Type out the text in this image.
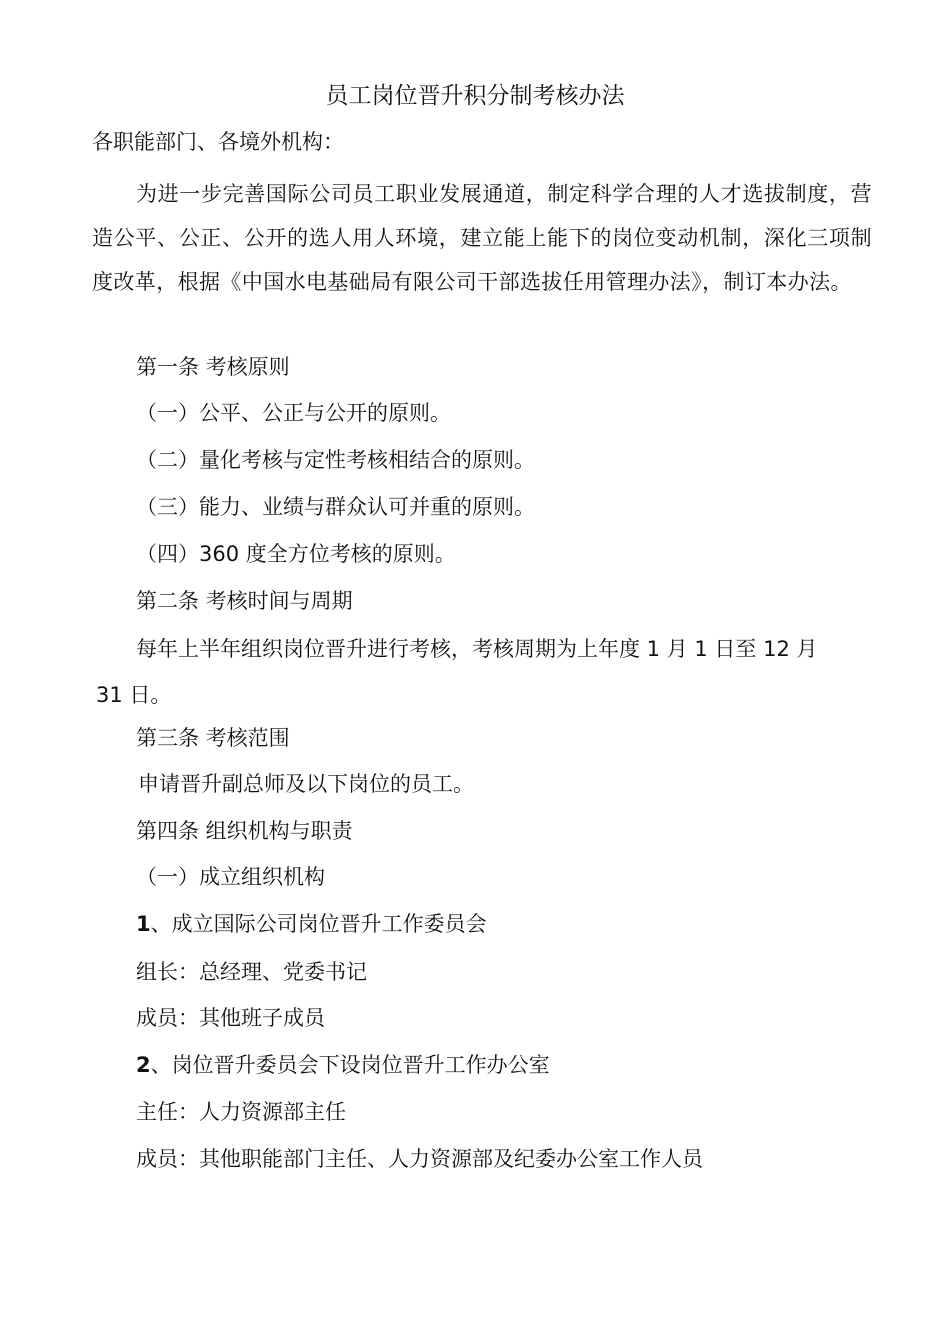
员工岗位晋升积分制考核办法
各职能部门、各境外机构：
为进一步完善国际公司员工职业发展通道，制定科学合理的人才选拔制度，营造公平、公正、公开的选人用人环境，建立能上能下的岗位变动机制，深化三项制度改革，根据《中国水电基础局有限公司干部选拔任用管理办法》，制订本办法。
第一条 考核原则
（一）公平、公正与公开的原则。
（二）量化考核与定性考核相结合的原则。
（三）能力、业绩与群众认可并重的原则。
（四）360 度全方位考核的原则。
第二条 考核时间与周期
每年上半年组织岗位晋升进行考核，考核周期为上年度 1 月 1 日至 12 月
31 日。
第三条 考核范围
申请晋升副总师及以下岗位的员工。
第四条 组织机构与职责
（一）成立组织机构
1、成立国际公司岗位晋升工作委员会
组长：总经理、党委书记
成员：其他班子成员
2、岗位晋升委员会下设岗位晋升工作办公室
主任：人力资源部主任
成员：其他职能部门主任、人力资源部及纪委办公室工作人员
